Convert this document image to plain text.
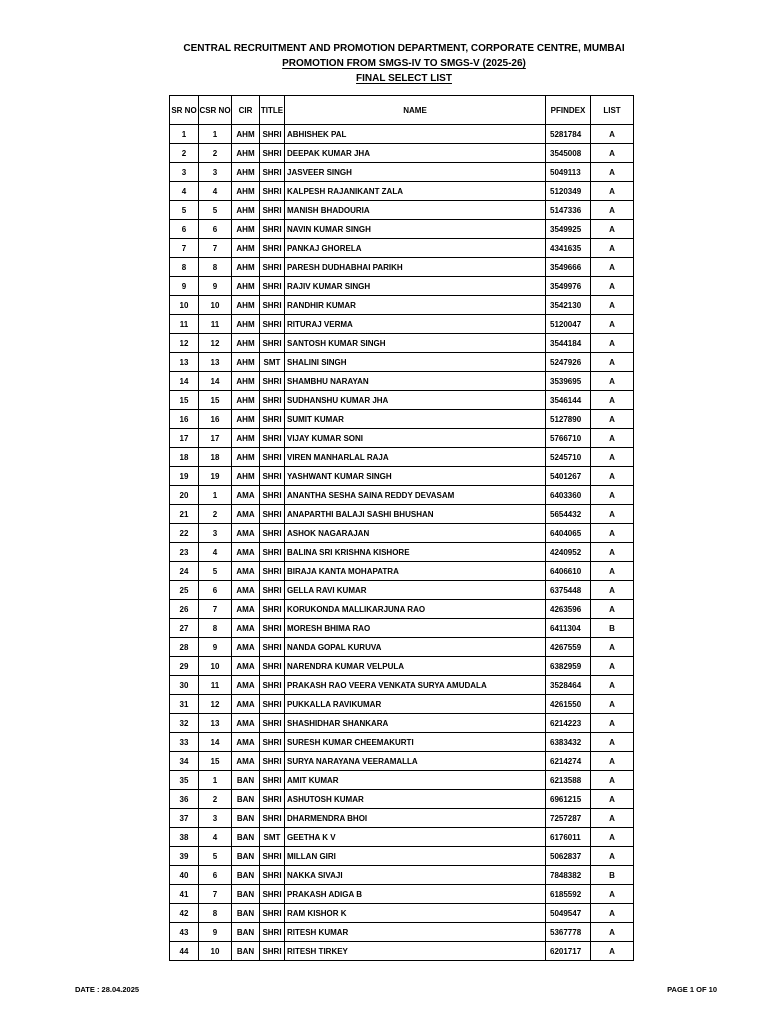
CENTRAL RECRUITMENT AND PROMOTION DEPARTMENT, CORPORATE CENTRE, MUMBAI
PROMOTION FROM SMGS-IV TO SMGS-V (2025-26)
FINAL SELECT LIST
SR NO	CSR NO	CIR	TITLE	NAME	PFINDEX	LIST
1	1	AHM	SHRI	ABHISHEK PAL	5281784	A
2	2	AHM	SHRI	DEEPAK KUMAR JHA	3545008	A
3	3	AHM	SHRI	JASVEER SINGH	5049113	A
4	4	AHM	SHRI	KALPESH RAJANIKANT ZALA	5120349	A
5	5	AHM	SHRI	MANISH BHADOURIA	5147336	A
6	6	AHM	SHRI	NAVIN KUMAR SINGH	3549925	A
7	7	AHM	SHRI	PANKAJ GHORELA	4341635	A
8	8	AHM	SHRI	PARESH DUDHABHAI PARIKH	3549666	A
9	9	AHM	SHRI	RAJIV KUMAR SINGH	3549976	A
10	10	AHM	SHRI	RANDHIR KUMAR	3542130	A
11	11	AHM	SHRI	RITURAJ VERMA	5120047	A
12	12	AHM	SHRI	SANTOSH KUMAR SINGH	3544184	A
13	13	AHM	SMT	SHALINI SINGH	5247926	A
14	14	AHM	SHRI	SHAMBHU NARAYAN	3539695	A
15	15	AHM	SHRI	SUDHANSHU KUMAR JHA	3546144	A
16	16	AHM	SHRI	SUMIT KUMAR	5127890	A
17	17	AHM	SHRI	VIJAY KUMAR SONI	5766710	A
18	18	AHM	SHRI	VIREN MANHARLAL RAJA	5245710	A
19	19	AHM	SHRI	YASHWANT KUMAR SINGH	5401267	A
20	1	AMA	SHRI	ANANTHA SESHA SAINA REDDY DEVASAM	6403360	A
21	2	AMA	SHRI	ANAPARTHI BALAJI SASHI BHUSHAN	5654432	A
22	3	AMA	SHRI	ASHOK NAGARAJAN	6404065	A
23	4	AMA	SHRI	BALINA SRI KRISHNA KISHORE	4240952	A
24	5	AMA	SHRI	BIRAJA KANTA MOHAPATRA	6406610	A
25	6	AMA	SHRI	GELLA RAVI KUMAR	6375448	A
26	7	AMA	SHRI	KORUKONDA MALLIKARJUNA RAO	4263596	A
27	8	AMA	SHRI	MORESH BHIMA RAO	6411304	B
28	9	AMA	SHRI	NANDA GOPAL KURUVA	4267559	A
29	10	AMA	SHRI	NARENDRA KUMAR VELPULA	6382959	A
30	11	AMA	SHRI	PRAKASH RAO VEERA VENKATA SURYA AMUDALA	3528464	A
31	12	AMA	SHRI	PUKKALLA RAVIKUMAR	4261550	A
32	13	AMA	SHRI	SHASHIDHAR SHANKARA	6214223	A
33	14	AMA	SHRI	SURESH KUMAR CHEEMAKURTI	6383432	A
34	15	AMA	SHRI	SURYA NARAYANA VEERAMALLA	6214274	A
35	1	BAN	SHRI	AMIT KUMAR	6213588	A
36	2	BAN	SHRI	ASHUTOSH KUMAR	6961215	A
37	3	BAN	SHRI	DHARMENDRA BHOI	7257287	A
38	4	BAN	SMT	GEETHA K V	6176011	A
39	5	BAN	SHRI	MILLAN GIRI	5062837	A
40	6	BAN	SHRI	NAKKA SIVAJI	7848382	B
41	7	BAN	SHRI	PRAKASH ADIGA B	6185592	A
42	8	BAN	SHRI	RAM KISHOR K	5049547	A
43	9	BAN	SHRI	RITESH KUMAR	5367778	A
44	10	BAN	SHRI	RITESH TIRKEY	6201717	A
DATE : 28.04.2025	PAGE 1 OF 10
